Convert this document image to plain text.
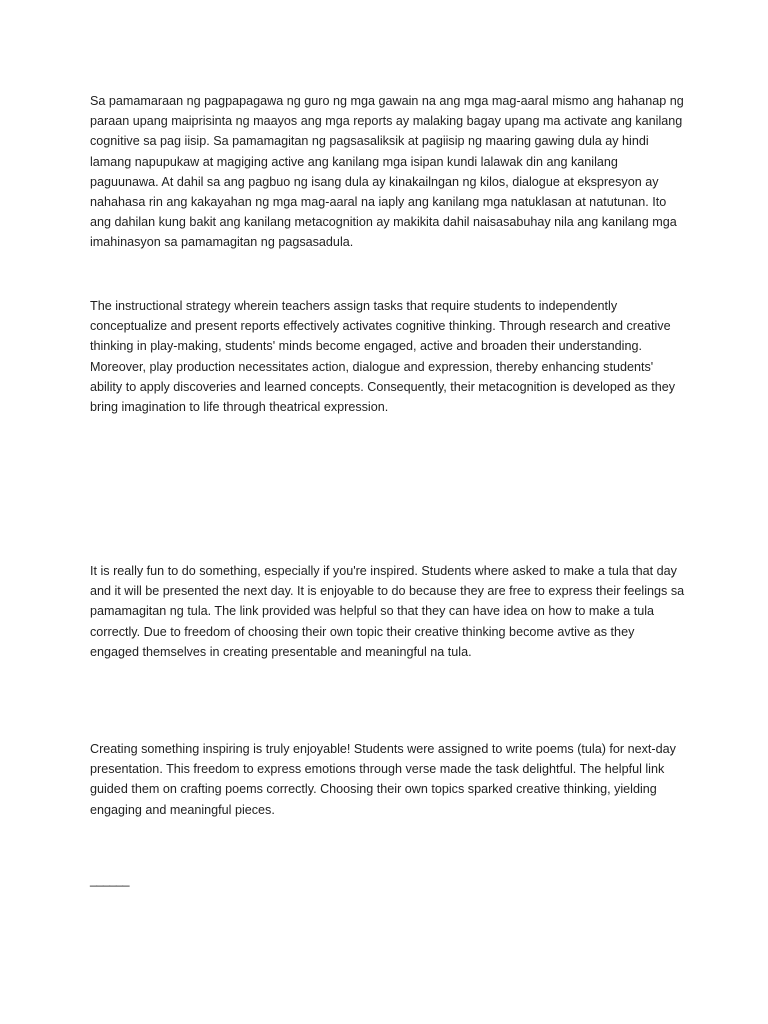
Sa pamamaraan ng pagpapagawa ng guro ng mga gawain na ang mga mag-aaral mismo ang hahanap ng paraan upang maiprisinta ng maayos ang mga reports ay malaking bagay upang ma activate ang kanilang cognitive sa pag iisip. Sa pamamagitan ng pagsasaliksik at pagiisip ng maaring gawing dula ay hindi lamang napupukaw at magiging active ang kanilang mga isipan kundi lalawak din ang kanilang paguunawa. At dahil sa ang pagbuo ng isang dula ay kinakailngan ng kilos, dialogue at ekspresyon ay nahahasa rin ang kakayahan ng mga mag-aaral na iaply ang kanilang mga natuklasan at natutunan. Ito ang dahilan kung bakit ang kanilang metacognition ay makikita dahil naisasabuhay nila ang kanilang mga imahinasyon sa pamamagitan ng pagsasadula.

The instructional strategy wherein teachers assign tasks that require students to independently conceptualize and present reports effectively activates cognitive thinking. Through research and creative thinking in play-making, students' minds become engaged, active and broaden their understanding. Moreover, play production necessitates action, dialogue and expression, thereby enhancing students' ability to apply discoveries and learned concepts. Consequently, their metacognition is developed as they bring imagination to life through theatrical expression.

It is really fun to do something, especially if you're inspired. Students where asked to make a tula that day and it will be presented the next day. It is enjoyable to do because they are free to express their feelings sa pamamagitan ng tula. The link provided was helpful so that they can have idea on how to make a tula correctly. Due to freedom of choosing their own topic their creative thinking become avtive as they engaged themselves in creating presentable and meaningful na tula.

Creating something inspiring is truly enjoyable! Students were assigned to write poems (tula) for next-day presentation. This freedom to express emotions through verse made the task delightful. The helpful link guided them on crafting poems correctly. Choosing their own topics sparked creative thinking, yielding engaging and meaningful pieces.

______
